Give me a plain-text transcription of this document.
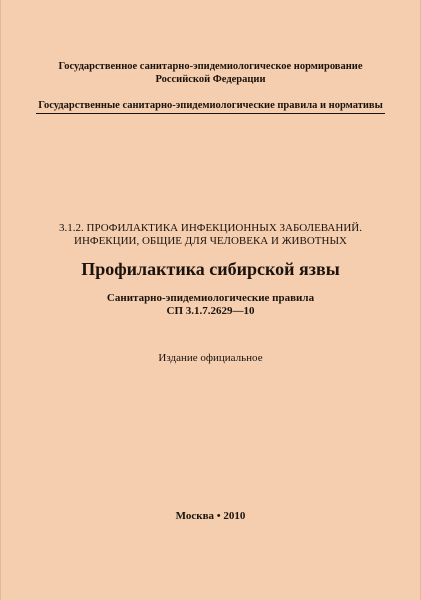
Государственное санитарно-эпидемиологическое нормирование
Российской Федерации
Государственные санитарно-эпидемиологические правила и нормативы
3.1.2. ПРОФИЛАКТИКА ИНФЕКЦИОННЫХ ЗАБОЛЕВАНИЙ.
ИНФЕКЦИИ, ОБЩИЕ ДЛЯ ЧЕЛОВЕКА И ЖИВОТНЫХ
Профилактика сибирской язвы
Санитарно-эпидемиологические правила
СП 3.1.7.2629—10
Издание официальное
Москва • 2010
